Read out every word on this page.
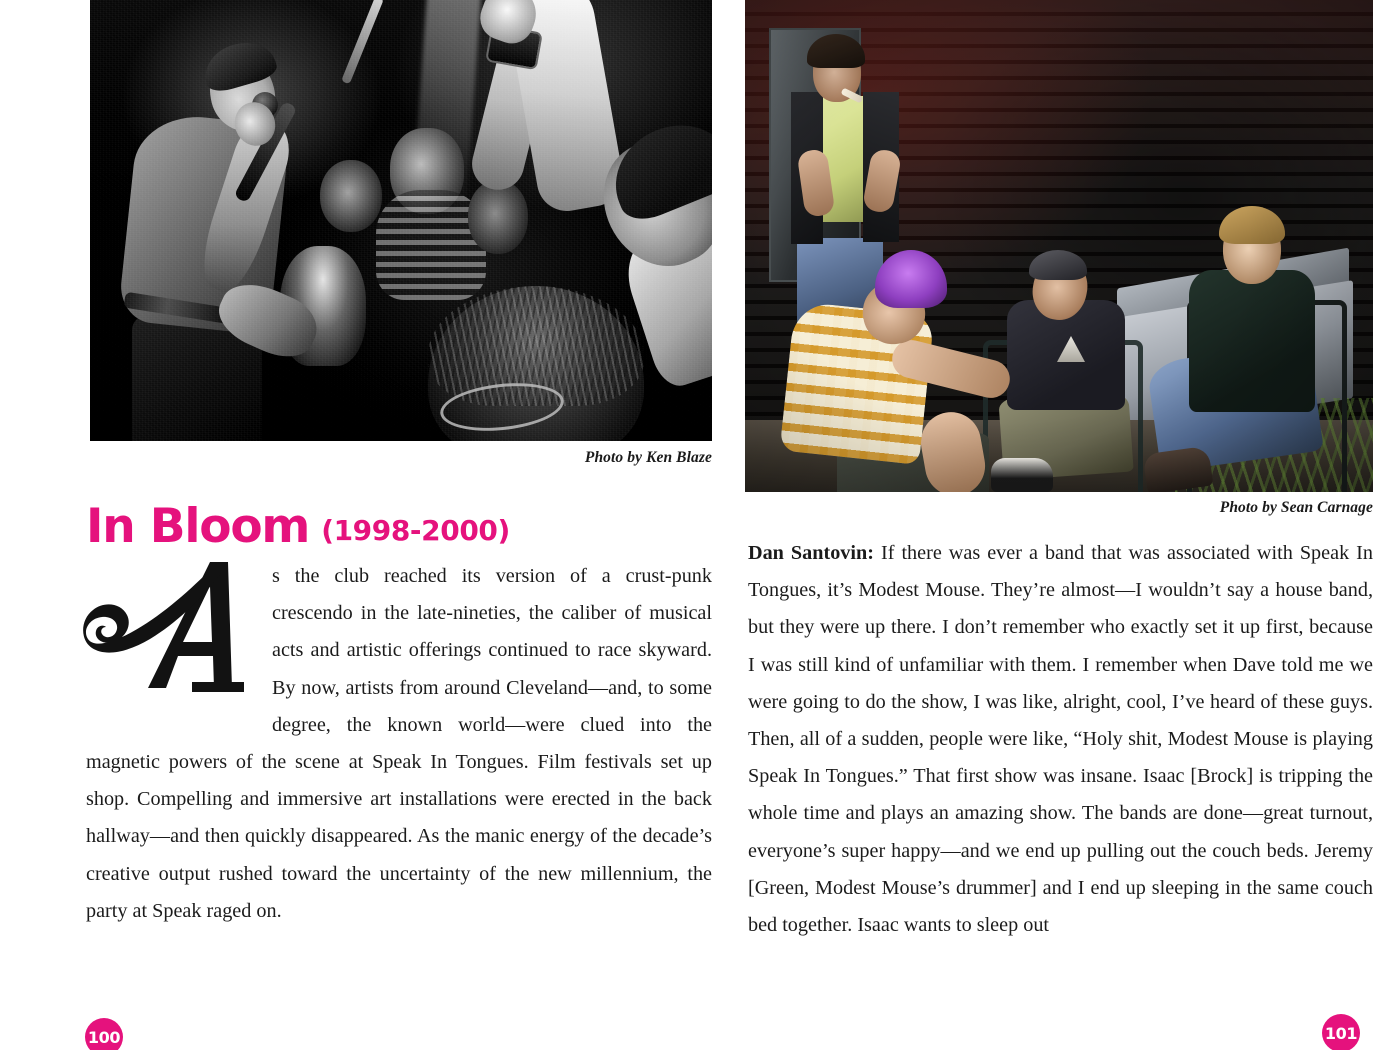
Photo by Ken Blaze
Photo by Sean Carnage
In Bloom (1998-2000)

s the club reached its version of a crust-punk crescendo in the late-nineties, the caliber of musical acts and artistic offerings continued to race skyward. By now, artists from around Cleveland—and, to some degree, the known world—were clued into the magnetic powers of the scene at Speak In Tongues. Film festivals set up shop. Compelling and immersive art installations were erected in the back hallway—and then quickly disappeared. As the manic energy of the decade’s creative output rushed toward the uncertainty of the new millennium, the party at Speak raged on.

Dan Santovin: If there was ever a band that was associated with Speak In Tongues, it’s Modest Mouse. They’re almost—I wouldn’t say a house band, but they were up there. I don’t remember who exactly set it up first, because I was still kind of unfamiliar with them. I remember when Dave told me we were going to do the show, I was like, alright, cool, I’ve heard of these guys. Then, all of a sudden, people were like, “Holy shit, Modest Mouse is playing Speak In Tongues.” That first show was insane. Isaac [Brock] is tripping the whole time and plays an amazing show. The bands are done—great turnout, everyone’s super happy—and we end up pulling out the couch beds. Jeremy [Green, Modest Mouse’s drummer] and I end up sleeping in the same couch bed together. Isaac wants to sleep out

100	101
